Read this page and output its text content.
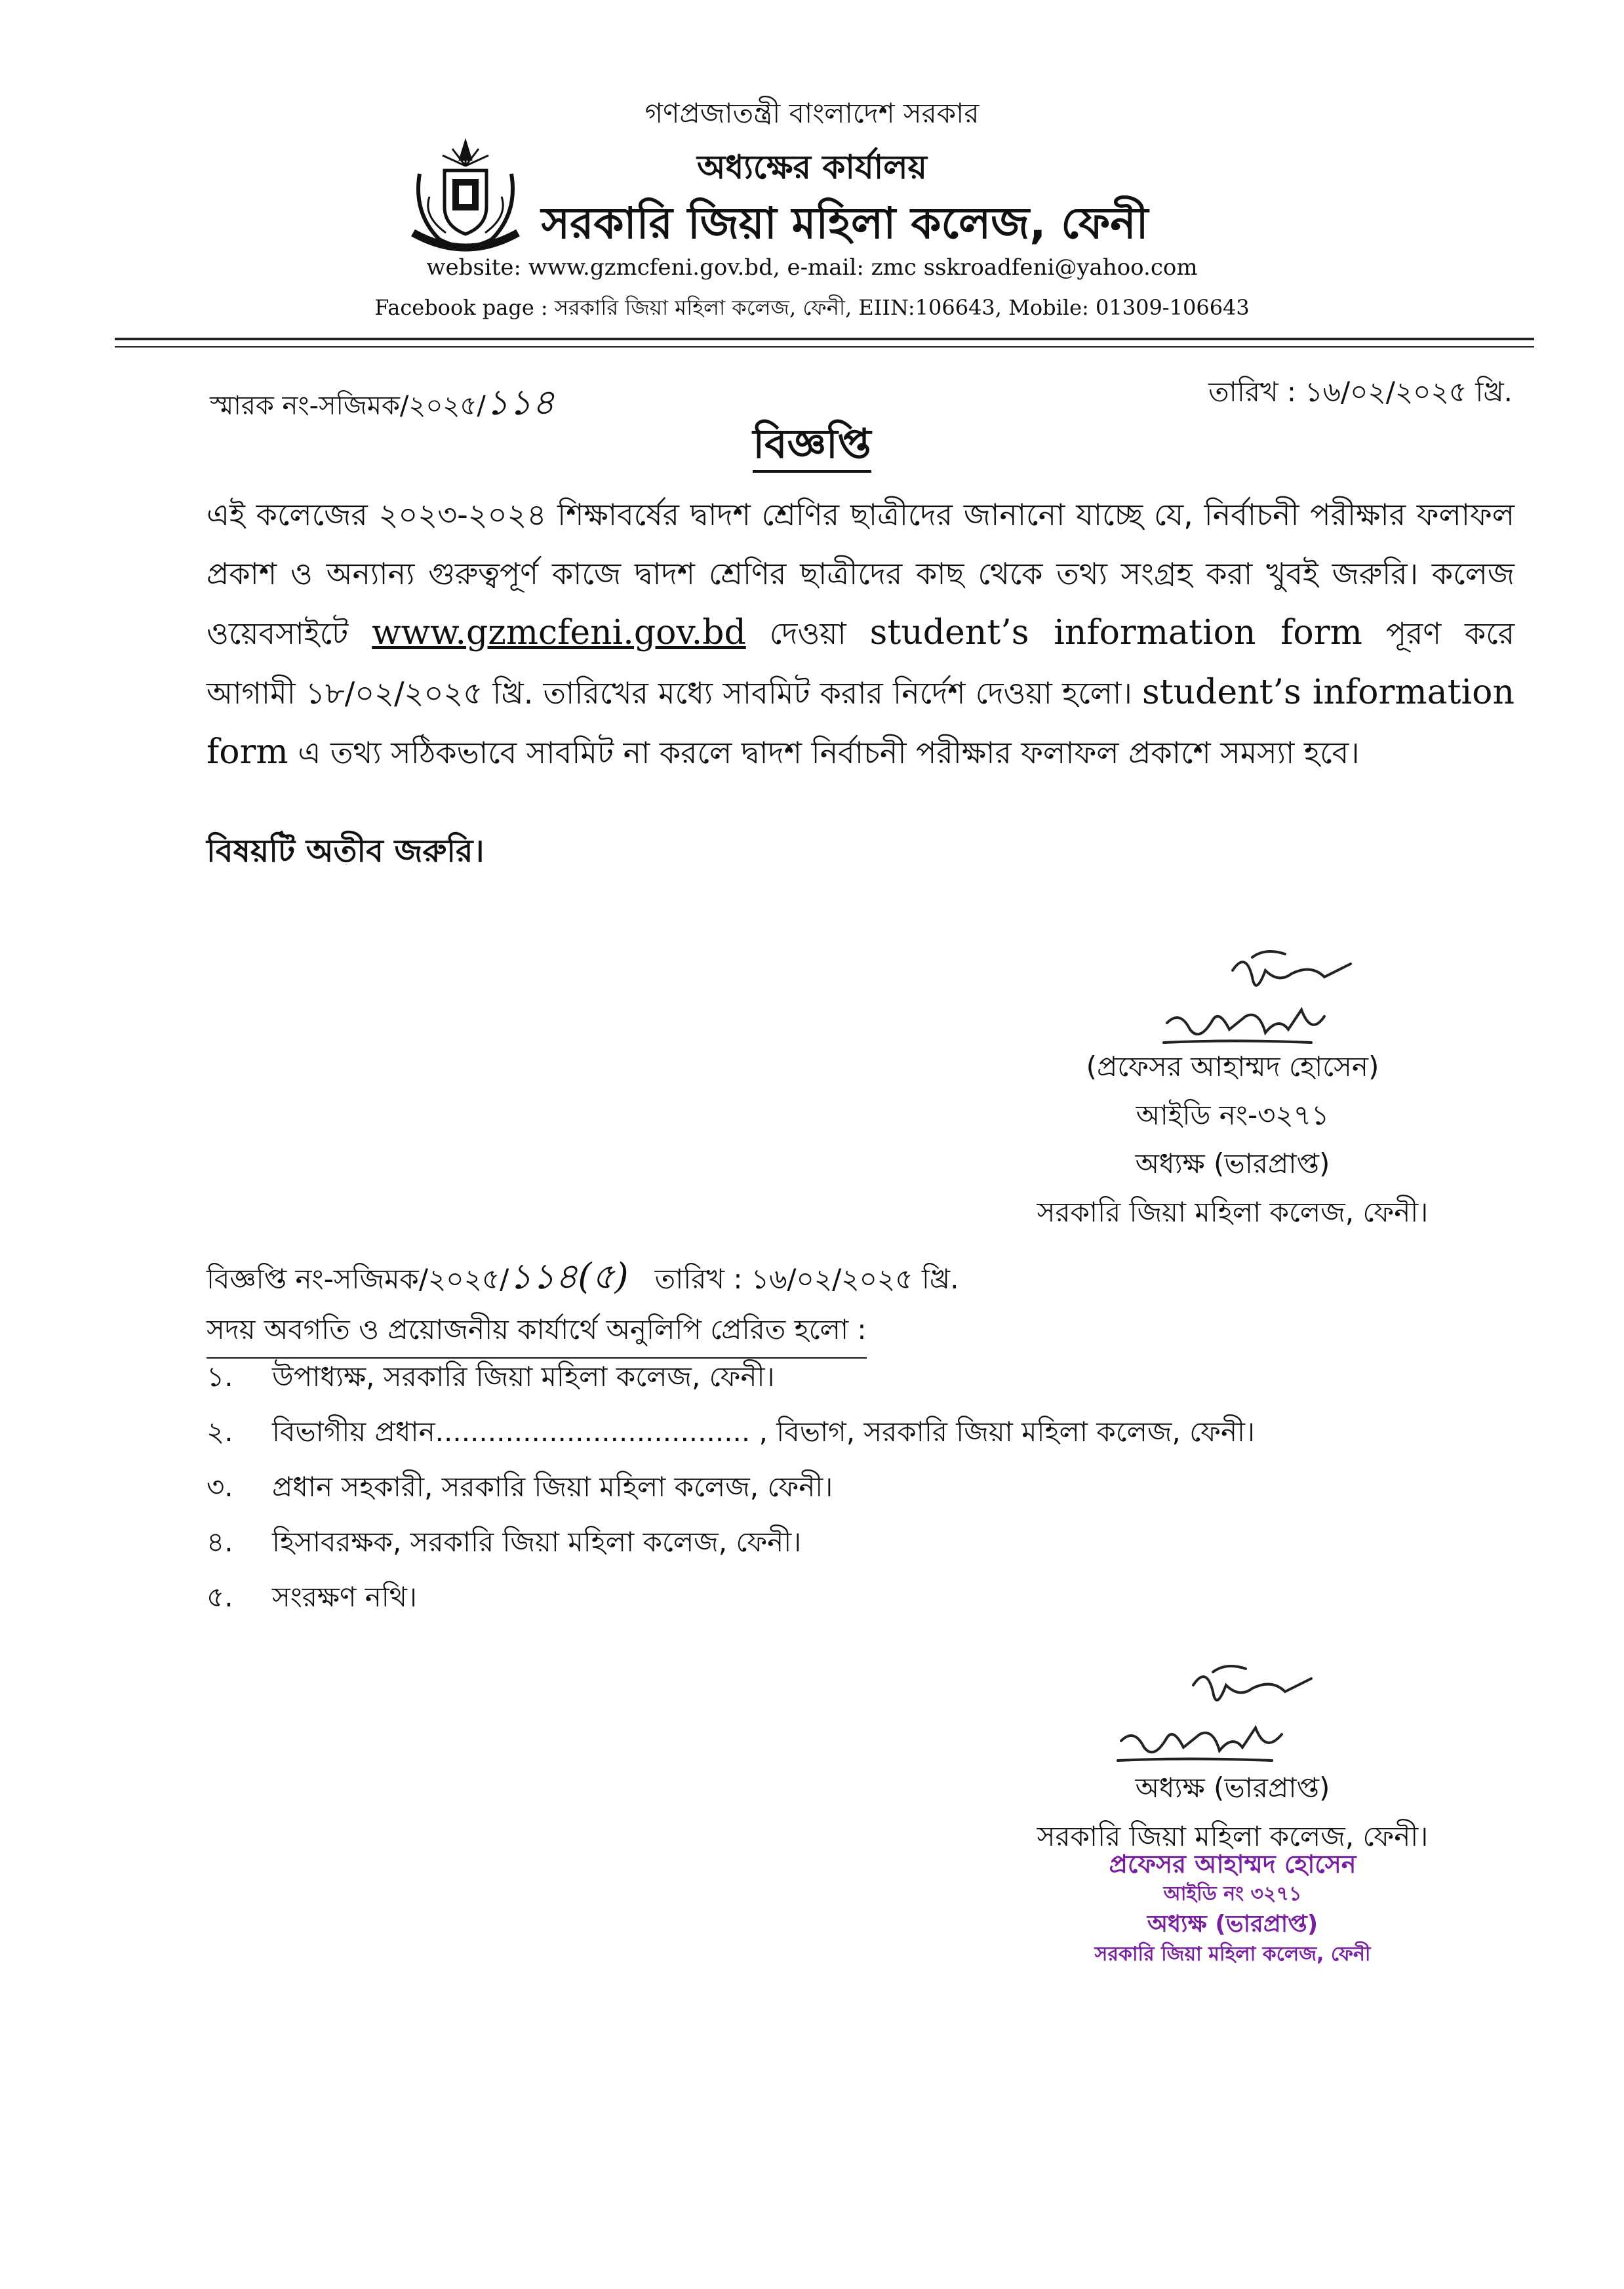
গণপ্রজাতন্ত্রী বাংলাদেশ সরকার
অধ্যক্ষের কার্যালয়
সরকারি জিয়া মহিলা কলেজ, ফেনী
website: www.gzmcfeni.gov.bd, e-mail: zmc sskroadfeni@yahoo.com
Facebook page : সরকারি জিয়া মহিলা কলেজ, ফেনী, EIIN:106643, Mobile: 01309-106643
স্মারক নং-সজিমক/২০২৫/১১৪	তারিখ : ১৬/০২/২০২৫ খ্রি.
বিজ্ঞপ্তি
এই কলেজের ২০২৩-২০২৪ শিক্ষাবর্ষের দ্বাদশ শ্রেণির ছাত্রীদের জানানো যাচ্ছে যে, নির্বাচনী পরীক্ষার ফলাফল প্রকাশ ও অন্যান্য গুরুত্বপূর্ণ কাজে দ্বাদশ শ্রেণির ছাত্রীদের কাছ থেকে তথ্য সংগ্রহ করা খুবই জরুরি। কলেজ ওয়েবসাইটে www.gzmcfeni.gov.bd দেওয়া student’s information form পূরণ করে আগামী ১৮/০২/২০২৫ খ্রি. তারিখের মধ্যে সাবমিট করার নির্দেশ দেওয়া হলো। student’s information form এ তথ্য সঠিকভাবে সাবমিট না করলে দ্বাদশ নির্বাচনী পরীক্ষার ফলাফল প্রকাশে সমস্যা হবে।
বিষয়টি অতীব জরুরি।
(প্রফেসর আহাম্মদ হোসেন)
আইডি নং-৩২৭১
অধ্যক্ষ (ভারপ্রাপ্ত)
সরকারি জিয়া মহিলা কলেজ, ফেনী।
বিজ্ঞপ্তি নং-সজিমক/২০২৫/১১৪(৫) তারিখ : ১৬/০২/২০২৫ খ্রি.
সদয় অবগতি ও প্রয়োজনীয় কার্যার্থে অনুলিপি প্রেরিত হলো :
১.	উপাধ্যক্ষ, সরকারি জিয়া মহিলা কলেজ, ফেনী।
২.	বিভাগীয় প্রধান.................................... , বিভাগ, সরকারি জিয়া মহিলা কলেজ, ফেনী।
৩.	প্রধান সহকারী, সরকারি জিয়া মহিলা কলেজ, ফেনী।
৪.	হিসাবরক্ষক, সরকারি জিয়া মহিলা কলেজ, ফেনী।
৫.	সংরক্ষণ নথি।
অধ্যক্ষ (ভারপ্রাপ্ত)
সরকারি জিয়া মহিলা কলেজ, ফেনী।
প্রফেসর আহাম্মদ হোসেন
আইডি নং ৩২৭১
অধ্যক্ষ (ভারপ্রাপ্ত)
সরকারি জিয়া মহিলা কলেজ, ফেনী
